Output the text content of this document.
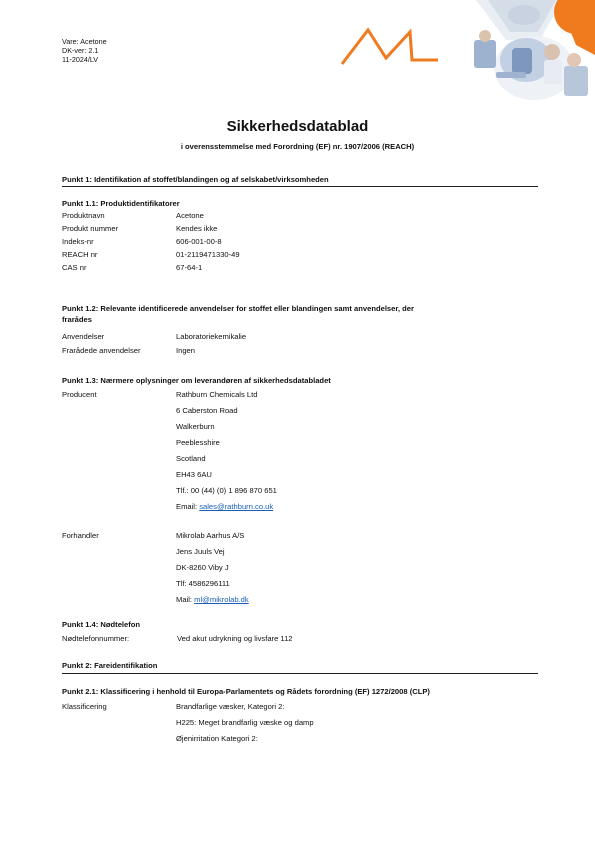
Vare: Acetone
DK-ver: 2.1
11-2024/LV
Sikkerhedsdatablad
i overensstemmelse med Forordning (EF) nr. 1907/2006 (REACH)
Punkt 1: Identifikation af stoffet/blandingen og af selskabet/virksomheden
Punkt 1.1: Produktidentifikatorer
Produktnavn	Acetone
Produkt nummer	Kendes ikke
Indeks-nr	606-001-00-8
REACH nr	01-2119471330-49
CAS nr	67-64-1
Punkt 1.2: Relevante identificerede anvendelser for stoffet eller blandingen samt anvendelser, der
frarådes
Anvendelser	Laboratoriekemikalie
Frarådede anvendelser	Ingen
Punkt 1.3: Nærmere oplysninger om leverandøren af sikkerhedsdatabladet
Producent	Rathburn Chemicals Ltd
6 Caberston Road
Walkerburn
Peeblesshire
Scotland
EH43 6AU
Tlf.: 00 (44) (0) 1 896 870 651
Email: sales@rathburn.co.uk
Forhandler	Mikrolab Aarhus A/S
Jens Juuls Vej
DK-8260 Viby J
Tlf: 4586296111
Mail: ml@mikrolab.dk
Punkt 1.4: Nødtelefon
Nødtelefonnummer:	Ved akut udrykning og livsfare 112
Punkt 2: Fareidentifikation
Punkt 2.1: Klassificering i henhold til Europa-Parlamentets og Rådets forordning (EF) 1272/2008 (CLP)
Klassificering	Brandfarlige væsker, Kategori 2:
H225: Meget brandfarlig væske og damp
Øjenirritation Kategori 2:
